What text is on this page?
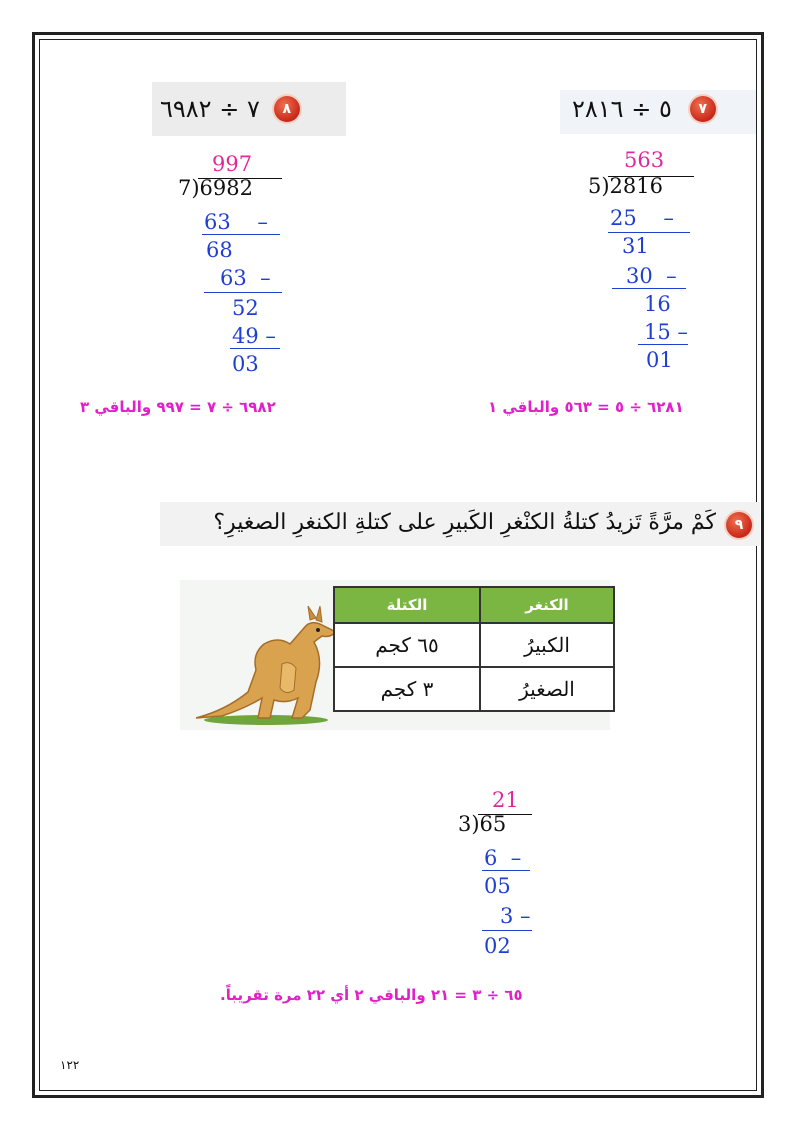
٧ ÷ ٦٩٨٢	٨	٥ ÷ ٢٨١٦	٧
997
7)6982
63    –
68
63  –
52
49 –
03
563
5)2816
25    –
31
30  –
16
15 –
01
٦٩٨٢ ÷ ٧ = ٩٩٧ والباقي ٣	٦٢٨١ ÷ ٥ = ٥٦٣ والباقي ١
كَمْ مرَّةً تَزيدُ كتلةُ الكنْغرِ الكَبيرِ على كتلةِ الكنغرِ الصغيرِ؟	٩
الكنغر	الكتلة
الكبيرُ	٦٥ كجم
الصغيرُ	٣ كجم
21
3)65
6  –
05
3 –
02
٦٥ ÷ ٣ = ٢١ والباقي ٢ أي ٢٢ مرة تقريباً.
١٢٢
